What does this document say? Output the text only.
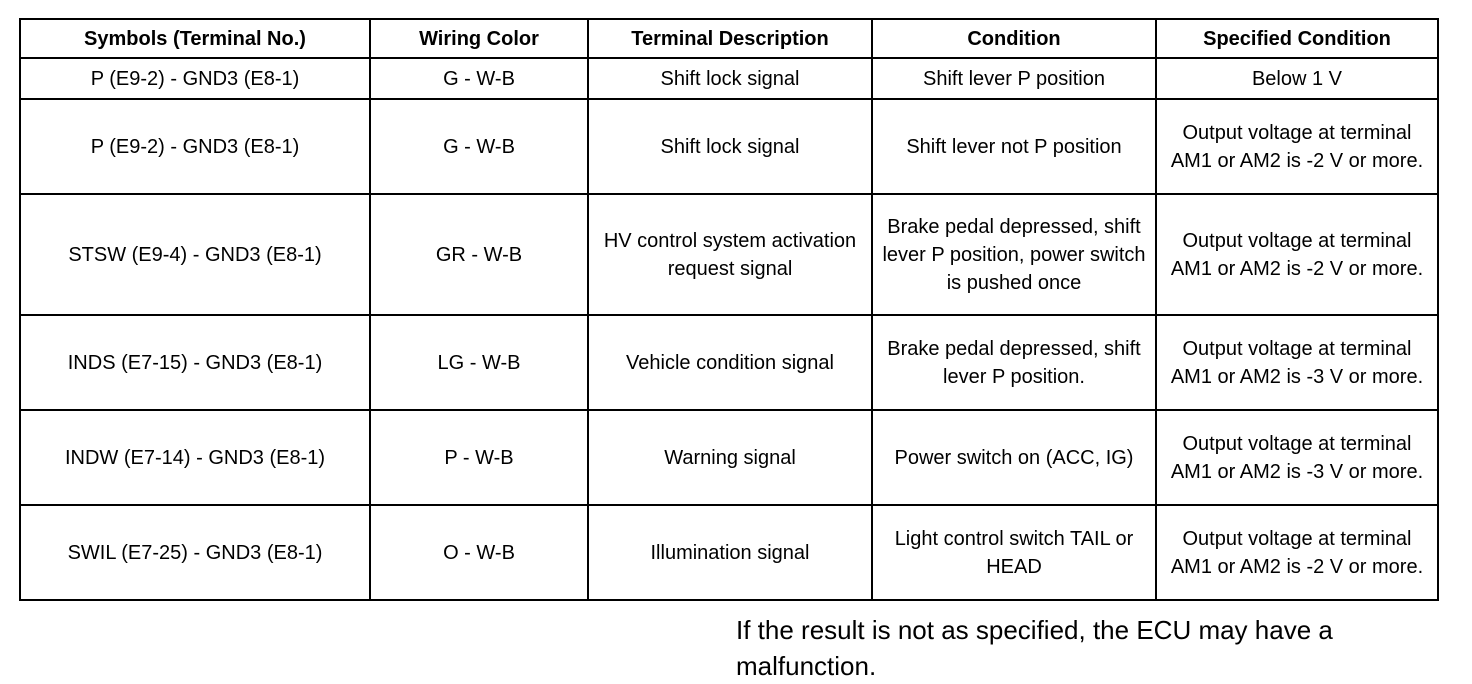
Symbols (Terminal No.)	Wiring Color	Terminal Description	Condition	Specified Condition
P (E9-2) - GND3 (E8-1)	G - W-B	Shift lock signal	Shift lever P position	Below 1 V
P (E9-2) - GND3 (E8-1)	G - W-B	Shift lock signal	Shift lever not P position	Output voltage at terminal AM1 or AM2 is -2 V or more.
STSW (E9-4) - GND3 (E8-1)	GR - W-B	HV control system activation request signal	Brake pedal depressed, shift lever P position, power switch is pushed once	Output voltage at terminal AM1 or AM2 is -2 V or more.
INDS (E7-15) - GND3 (E8-1)	LG - W-B	Vehicle condition signal	Brake pedal depressed, shift lever P position.	Output voltage at terminal AM1 or AM2 is -3 V or more.
INDW (E7-14) - GND3 (E8-1)	P - W-B	Warning signal	Power switch on (ACC, IG)	Output voltage at terminal AM1 or AM2 is -3 V or more.
SWIL (E7-25) - GND3 (E8-1)	O - W-B	Illumination signal	Light control switch TAIL or HEAD	Output voltage at terminal AM1 or AM2 is -2 V or more.

If the result is not as specified, the ECU may have a malfunction.
